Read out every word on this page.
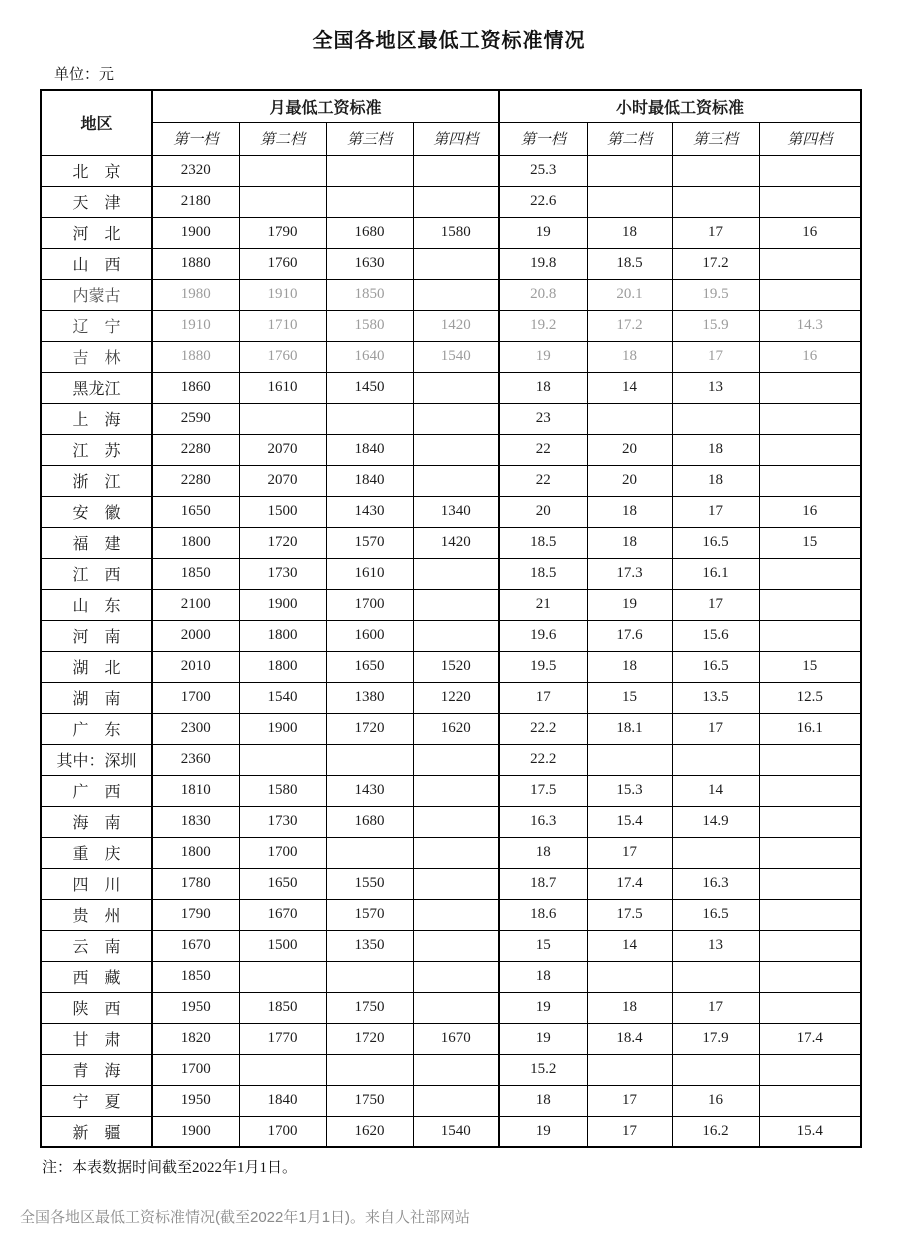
全国各地区最低工资标准情况
单位：元
地区	月最低工资标准				小时最低工资标准			
	第一档	第二档	第三档	第四档	第一档	第二档	第三档	第四档
北　京	2320				25.3			
天　津	2180				22.6			
河　北	1900	1790	1680	1580	19	18	17	16
山　西	1880	1760	1630		19.8	18.5	17.2	
内蒙古	1980	1910	1850		20.8	20.1	19.5	
辽　宁	1910	1710	1580	1420	19.2	17.2	15.9	14.3
吉　林	1880	1760	1640	1540	19	18	17	16
黑龙江	1860	1610	1450		18	14	13	
上　海	2590				23			
江　苏	2280	2070	1840		22	20	18	
浙　江	2280	2070	1840		22	20	18	
安　徽	1650	1500	1430	1340	20	18	17	16
福　建	1800	1720	1570	1420	18.5	18	16.5	15
江　西	1850	1730	1610		18.5	17.3	16.1	
山　东	2100	1900	1700		21	19	17	
河　南	2000	1800	1600		19.6	17.6	15.6	
湖　北	2010	1800	1650	1520	19.5	18	16.5	15
湖　南	1700	1540	1380	1220	17	15	13.5	12.5
广　东	2300	1900	1720	1620	22.2	18.1	17	16.1
其中：深圳	2360				22.2			
广　西	1810	1580	1430		17.5	15.3	14	
海　南	1830	1730	1680		16.3	15.4	14.9	
重　庆	1800	1700			18	17		
四　川	1780	1650	1550		18.7	17.4	16.3	
贵　州	1790	1670	1570		18.6	17.5	16.5	
云　南	1670	1500	1350		15	14	13	
西　藏	1850				18			
陕　西	1950	1850	1750		19	18	17	
甘　肃	1820	1770	1720	1670	19	18.4	17.9	17.4
青　海	1700				15.2			
宁　夏	1950	1840	1750		18	17	16	
新　疆	1900	1700	1620	1540	19	17	16.2	15.4
注：本表数据时间截至2022年1月1日。
全国各地区最低工资标准情况(截至2022年1月1日)。来自人社部网站
